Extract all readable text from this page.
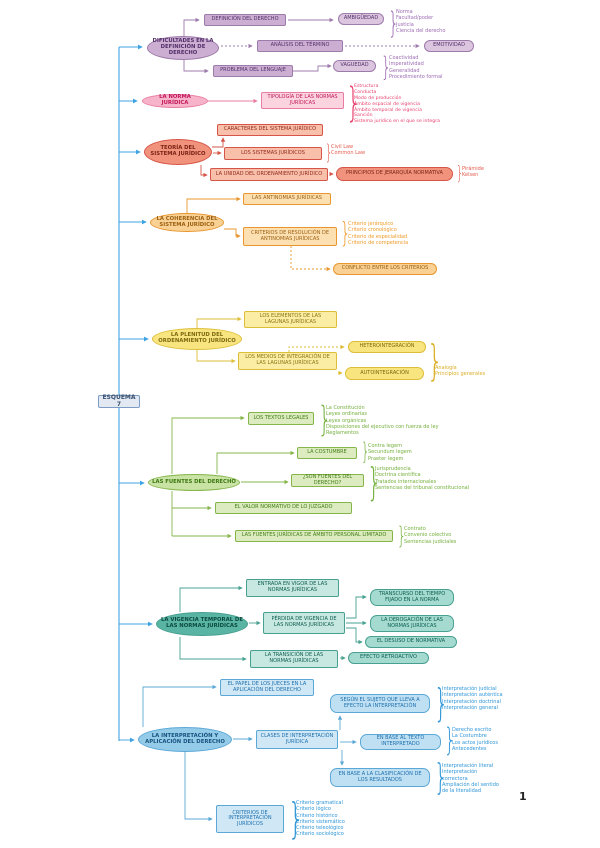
ESQUEMA 7
DIFICULTADES EN LA DEFINICIÓN DE DERECHO
DEFINICIÓN DEL DERECHO	AMBIGÜEDAD
}
Norma
Facultad/poder
Justicia
Ciencia del derecho
ANÁLISIS DEL TÉRMINO	EMOTIVIDAD
PROBLEMA DEL LENGUAJE
VAGUEDAD
}
Coactividad
Imperatividad
Generalidad
Procedimiento formal
LA NORMA JURÍDICA
TIPOLOGÍA DE LAS NORMAS JURÍDICAS
}
Estructura
Conducta
Modo de producción
Ámbito espacial de vigencia
Ámbito temporal de vigencia
Sanción
Sistema jurídico en el que se integra
CARACTERES DEL SISTEMA JURÍDICO
TEORÍA DEL SISTEMA JURÍDICO	LOS SISTEMAS JURÍDICOS
}
Civil Law
Common Law
LA UNIDAD DEL ORDENAMIENTO JURÍDICO	PRINCIPIOS DE JERARQUÍA NORMATIVA
}
Pirámide Kelsen
LAS ANTINOMIAS JURÍDICAS
LA COHERENCIA DEL SISTEMA JURÍDICO
CRITERIOS DE RESOLUCIÓN DE ANTINOMIAS JURÍDICAS
}
Criterio jerárquico
Criterio cronológico
Criterio de especialidad
Criterio de competencia
CONFLICTO ENTRE LOS CRITERIOS
LOS ELEMENTOS DE LAS LAGUNAS JURÍDICAS
LA PLENITUD DEL ORDENAMIENTO JURÍDICO
LOS MEDIOS DE INTEGRACIÓN DE LAS LAGUNAS JURÍDICAS
HETEROINTEGRACIÓN
AUTOINTEGRACIÓN
}
Analogía
Principios generales
LOS TEXTOS LEGALES
}
La Constitución
Leyes ordinarias
Leyes orgánicas
Disposiciones del ejecutivo con fuerza de ley
Reglamentos
LA COSTUMBRE
}
Contra legem
Secundum legem
Praeter legem
LAS FUENTES DEL DERECHO
¿SON FUENTES DEL DERECHO?
}
Jurisprudencia
Doctrina científica
Tratados internacionales
Sentencias del tribunal constitucional
EL VALOR NORMATIVO DE LO JUZGADO
LAS FUENTES JURÍDICAS DE ÁMBITO PERSONAL LIMITADO
}
Contrato
Convenio colectivo
Sentencias judiciales
ENTRADA EN VIGOR DE LAS NORMAS JURÍDICAS
LA VIGENCIA TEMPORAL DE LAS NORMAS JURÍDICAS
PÉRDIDA DE VIGENCIA DE LAS NORMAS JURÍDICAS
TRANSCURSO DEL TIEMPO FIJADO EN LA NORMA
LA DEROGACIÓN DE LAS NORMAS JURÍDICAS
EL DESUSO DE NORMATIVA
LA TRANSICIÓN DE LAS NORMAS JURÍDICAS
EFECTO RETROACTIVO
EL PAPEL DE LOS JUECES EN LA APLICACIÓN DEL DERECHO
LA INTERPRETACIÓN Y APLICACIÓN DEL DERECHO
CLASES DE INTERPRETACIÓN JURÍDICA
SEGÚN EL SUJETO QUE LLEVA A EFECTO LA INTERPRETACIÓN
}
Interpretación judicial
Interpretación auténtica
Interpretación doctrinal
Interpretación general
EN BASE AL TEXTO INTERPRETADO
}
Derecho escrito
La Costumbre
Los actos jurídicos
Antecedentes
EN BASE A LA CLASIFICACIÓN DE LOS RESULTADOS
}
Interpretación literal
Interpretación correctora
Ampliación del sentido de la literalidad
CRITERIOS DE INTERPRETACIÓN JURÍDICOS
}
Criterio gramatical
Criterio lógico
Criterio histórico
Criterio sistemático
Criterio teleológico
Criterio sociológico
1
